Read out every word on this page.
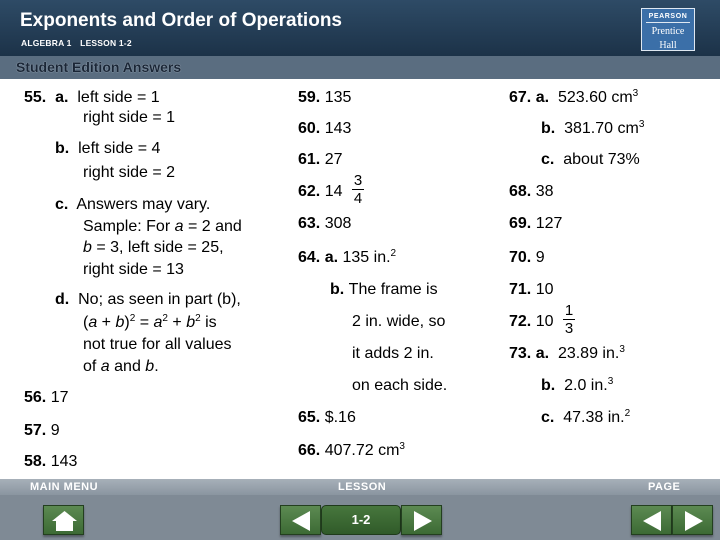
Exponents and Order of Operations
ALGEBRA 1 LESSON 1-2
PEARSON
Prentice
Hall
Student Edition Answers
55. a. left side = 1
right side = 1
b. left side = 4
right side = 2
c. Answers may vary.
Sample: For a = 2 and
b = 3, left side = 25,
right side = 13
d. No; as seen in part (b),
$(a + b)^2 = a^2 + b^2$ is
not true for all values
of a and b.
56. 17
57. 9
58. 143
59. 135
60. 143
61. 27
62. 14
3
4
63. 308
64. a. 135 in.$^2$
b. The frame is
2 in. wide, so
it adds 2 in.
on each side.
65. $.16
66. 407.72 $cm^3$
67. a.  523.60 $cm^3$
b.  381.70 $cm^3$
c. about 73%
68. 38
69. 127
70. 9
71. 10
72. 10
1
3
73. a.  23.89 in.$^3$
b.  2.0 in.$^3$
c.  47.38 in.$^2$
MAIN MENU	LESSON	PAGE
1-2
